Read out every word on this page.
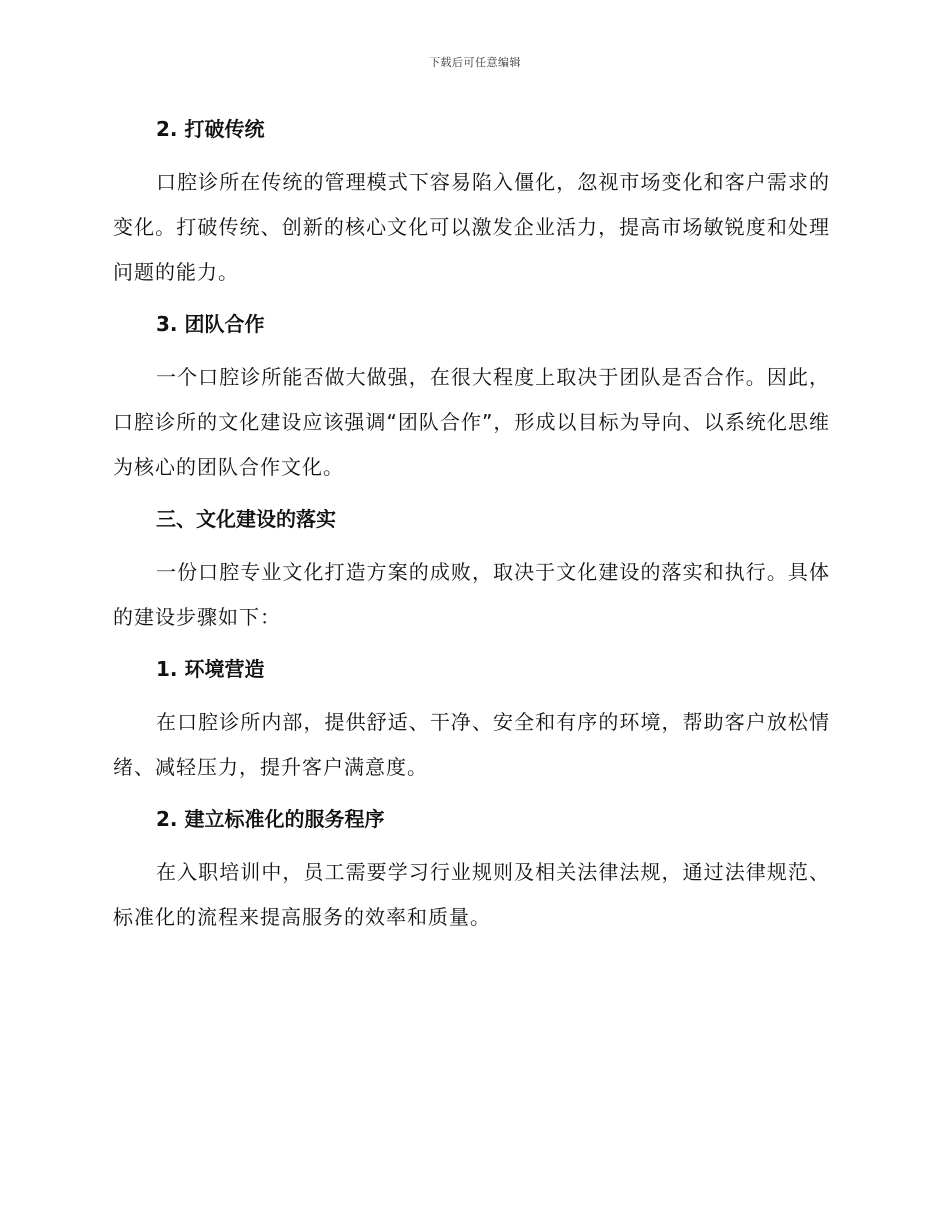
下载后可任意编辑
2. 打破传统

口腔诊所在传统的管理模式下容易陷入僵化，忽视市场变化和客户需求的变化。打破传统、创新的核心文化可以激发企业活力，提高市场敏锐度和处理问题的能力。

3. 团队合作

一个口腔诊所能否做大做强，在很大程度上取决于团队是否合作。因此，口腔诊所的文化建设应该强调“团队合作”，形成以目标为导向、以系统化思维为核心的团队合作文化。

三、文化建设的落实

一份口腔专业文化打造方案的成败，取决于文化建设的落实和执行。具体的建设步骤如下：

1. 环境营造

在口腔诊所内部，提供舒适、干净、安全和有序的环境，帮助客户放松情绪、减轻压力，提升客户满意度。

2. 建立标准化的服务程序

在入职培训中，员工需要学习行业规则及相关法律法规，通过法律规范、标准化的流程来提高服务的效率和质量。
